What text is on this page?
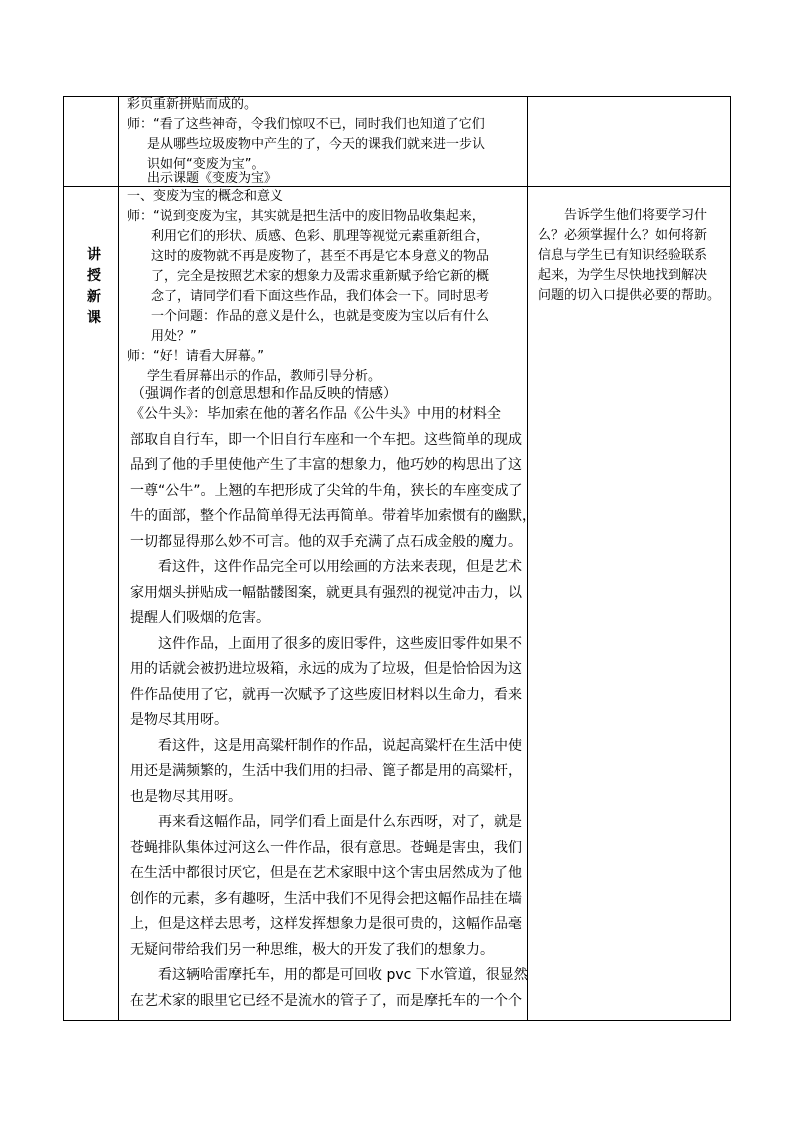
彩页重新拼贴而成的。
师：“看了这些神奇，令我们惊叹不已，同时我们也知道了它们
是从哪些垃圾废物中产生的了，今天的课我们就来进一步认
识如何“变废为宝”。
出示课题《变废为宝》
讲
授
新
课
告诉学生他们将要学习什
么？必须掌握什么？如何将新
信息与学生已有知识经验联系
起来，为学生尽快地找到解决
问题的切入口提供必要的帮助。
一、变废为宝的概念和意义
师：“说到变废为宝，其实就是把生活中的废旧物品收集起来，
利用它们的形状、质感、色彩、肌理等视觉元素重新组合，
这时的废物就不再是废物了，甚至不再是它本身意义的物品
了，完全是按照艺术家的想象力及需求重新赋予给它新的概
念了，请同学们看下面这些作品，我们体会一下。同时思考
一个问题：作品的意义是什么，也就是变废为宝以后有什么
用处？”
师：“好！请看大屏幕。”
学生看屏幕出示的作品，教师引导分析。
（强调作者的创意思想和作品反映的情感）
《公牛头》：毕加索在他的著名作品《公牛头》中用的材料全
部取自自行车，即一个旧自行车座和一个车把。这些简单的现成
品到了他的手里使他产生了丰富的想象力，他巧妙的构思出了这
一尊“公牛”。上翘的车把形成了尖耸的牛角，狭长的车座变成了
牛的面部，整个作品简单得无法再简单。带着毕加索惯有的幽默，
一切都显得那么妙不可言。他的双手充满了点石成金般的魔力。
看这件，这件作品完全可以用绘画的方法来表现，但是艺术
家用烟头拼贴成一幅骷髅图案，就更具有强烈的视觉冲击力，以
提醒人们吸烟的危害。
这件作品，上面用了很多的废旧零件，这些废旧零件如果不
用的话就会被扔进垃圾箱，永远的成为了垃圾，但是恰恰因为这
件作品使用了它，就再一次赋予了这些废旧材料以生命力，看来
是物尽其用呀。
看这件，这是用高粱杆制作的作品，说起高粱杆在生活中使
用还是满频繁的，生活中我们用的扫帚、篦子都是用的高粱杆，
也是物尽其用呀。
再来看这幅作品，同学们看上面是什么东西呀，对了，就是
苍蝇排队集体过河这么一件作品，很有意思。苍蝇是害虫，我们
在生活中都很讨厌它，但是在艺术家眼中这个害虫居然成为了他
创作的元素，多有趣呀，生活中我们不见得会把这幅作品挂在墙
上，但是这样去思考，这样发挥想象力是很可贵的，这幅作品毫
无疑问带给我们另一种思维，极大的开发了我们的想象力。
看这辆哈雷摩托车，用的都是可回收 pvc 下水管道，很显然
在艺术家的眼里它已经不是流水的管子了，而是摩托车的一个个
